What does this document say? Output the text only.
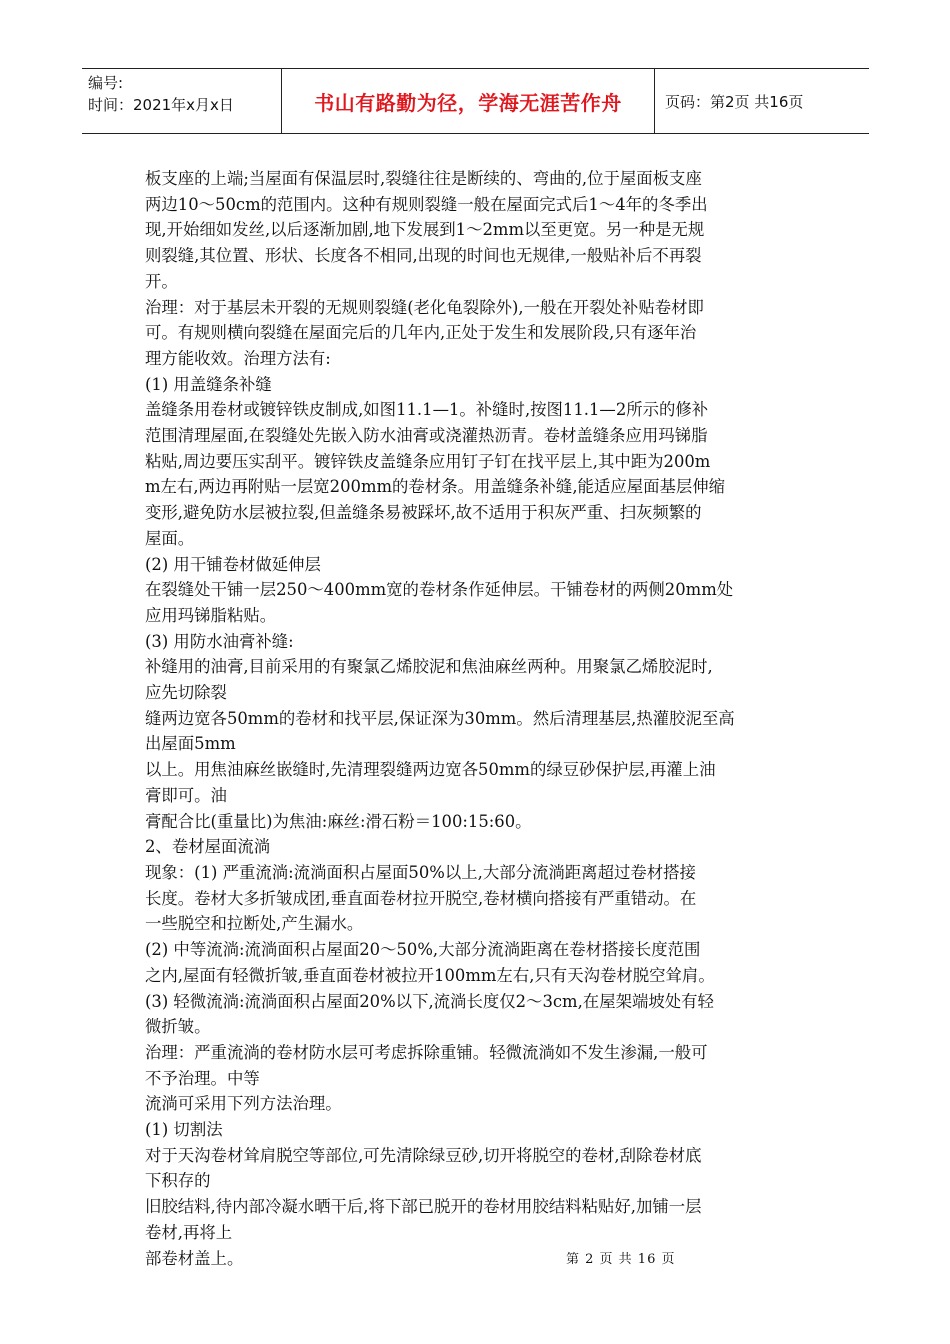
编号:
时间：2021年x月x日	书山有路勤为径，学海无涯苦作舟	页码：第2页 共16页

板支座的上端;当屋面有保温层时,裂缝往往是断续的、弯曲的,位于屋面板支座

两边10～50cm的范围内。这种有规则裂缝一般在屋面完式后1～4年的冬季出

现,开始细如发丝,以后逐渐加剧,地下发展到1～2mm以至更宽。另一种是无规

则裂缝,其位置、形状、长度各不相同,出现的时间也无规律,一般贴补后不再裂

开。

治理：对于基层未开裂的无规则裂缝(老化龟裂除外),一般在开裂处补贴卷材即

可。有规则横向裂缝在屋面完后的几年内,正处于发生和发展阶段,只有逐年治

理方能收效。治理方法有:

(1) 用盖缝条补缝

盖缝条用卷材或镀锌铁皮制成,如图11.1—1。补缝时,按图11.1—2所示的修补

范围清理屋面,在裂缝处先嵌入防水油膏或浇灌热沥青。卷材盖缝条应用玛锑脂

粘贴,周边要压实刮平。镀锌铁皮盖缝条应用钉子钉在找平层上,其中距为200m

m左右,两边再附贴一层宽200mm的卷材条。用盖缝条补缝,能适应屋面基层伸缩

变形,避免防水层被拉裂,但盖缝条易被踩坏,故不适用于积灰严重、扫灰频繁的

屋面。

(2) 用干铺卷材做延伸层

在裂缝处干铺一层250～400mm宽的卷材条作延伸层。干铺卷材的两侧20mm处

应用玛锑脂粘贴。

(3) 用防水油膏补缝:

补缝用的油膏,目前采用的有聚氯乙烯胶泥和焦油麻丝两种。用聚氯乙烯胶泥时,

应先切除裂

缝两边宽各50mm的卷材和找平层,保证深为30mm。然后清理基层,热灌胶泥至高

出屋面5mm

以上。用焦油麻丝嵌缝时,先清理裂缝两边宽各50mm的绿豆砂保护层,再灌上油

膏即可。油

膏配合比(重量比)为焦油:麻丝:滑石粉＝100:15:60。

2、卷材屋面流淌

现象：(1) 严重流淌:流淌面积占屋面50%以上,大部分流淌距离超过卷材搭接

长度。卷材大多折皱成团,垂直面卷材拉开脱空,卷材横向搭接有严重错动。在

一些脱空和拉断处,产生漏水。

(2) 中等流淌:流淌面积占屋面20～50%,大部分流淌距离在卷材搭接长度范围

之内,屋面有轻微折皱,垂直面卷材被拉开100mm左右,只有天沟卷材脱空耸肩。

(3) 轻微流淌:流淌面积占屋面20%以下,流淌长度仅2～3cm,在屋架端坡处有轻

微折皱。

治理：严重流淌的卷材防水层可考虑拆除重铺。轻微流淌如不发生渗漏,一般可

不予治理。中等

流淌可采用下列方法治理。

(1) 切割法

对于天沟卷材耸肩脱空等部位,可先清除绿豆砂,切开将脱空的卷材,刮除卷材底

下积存的

旧胶结料,待内部冷凝水晒干后,将下部已脱开的卷材用胶结料粘贴好,加铺一层

卷材,再将上

部卷材盖上。	第 2 页 共 16 页
